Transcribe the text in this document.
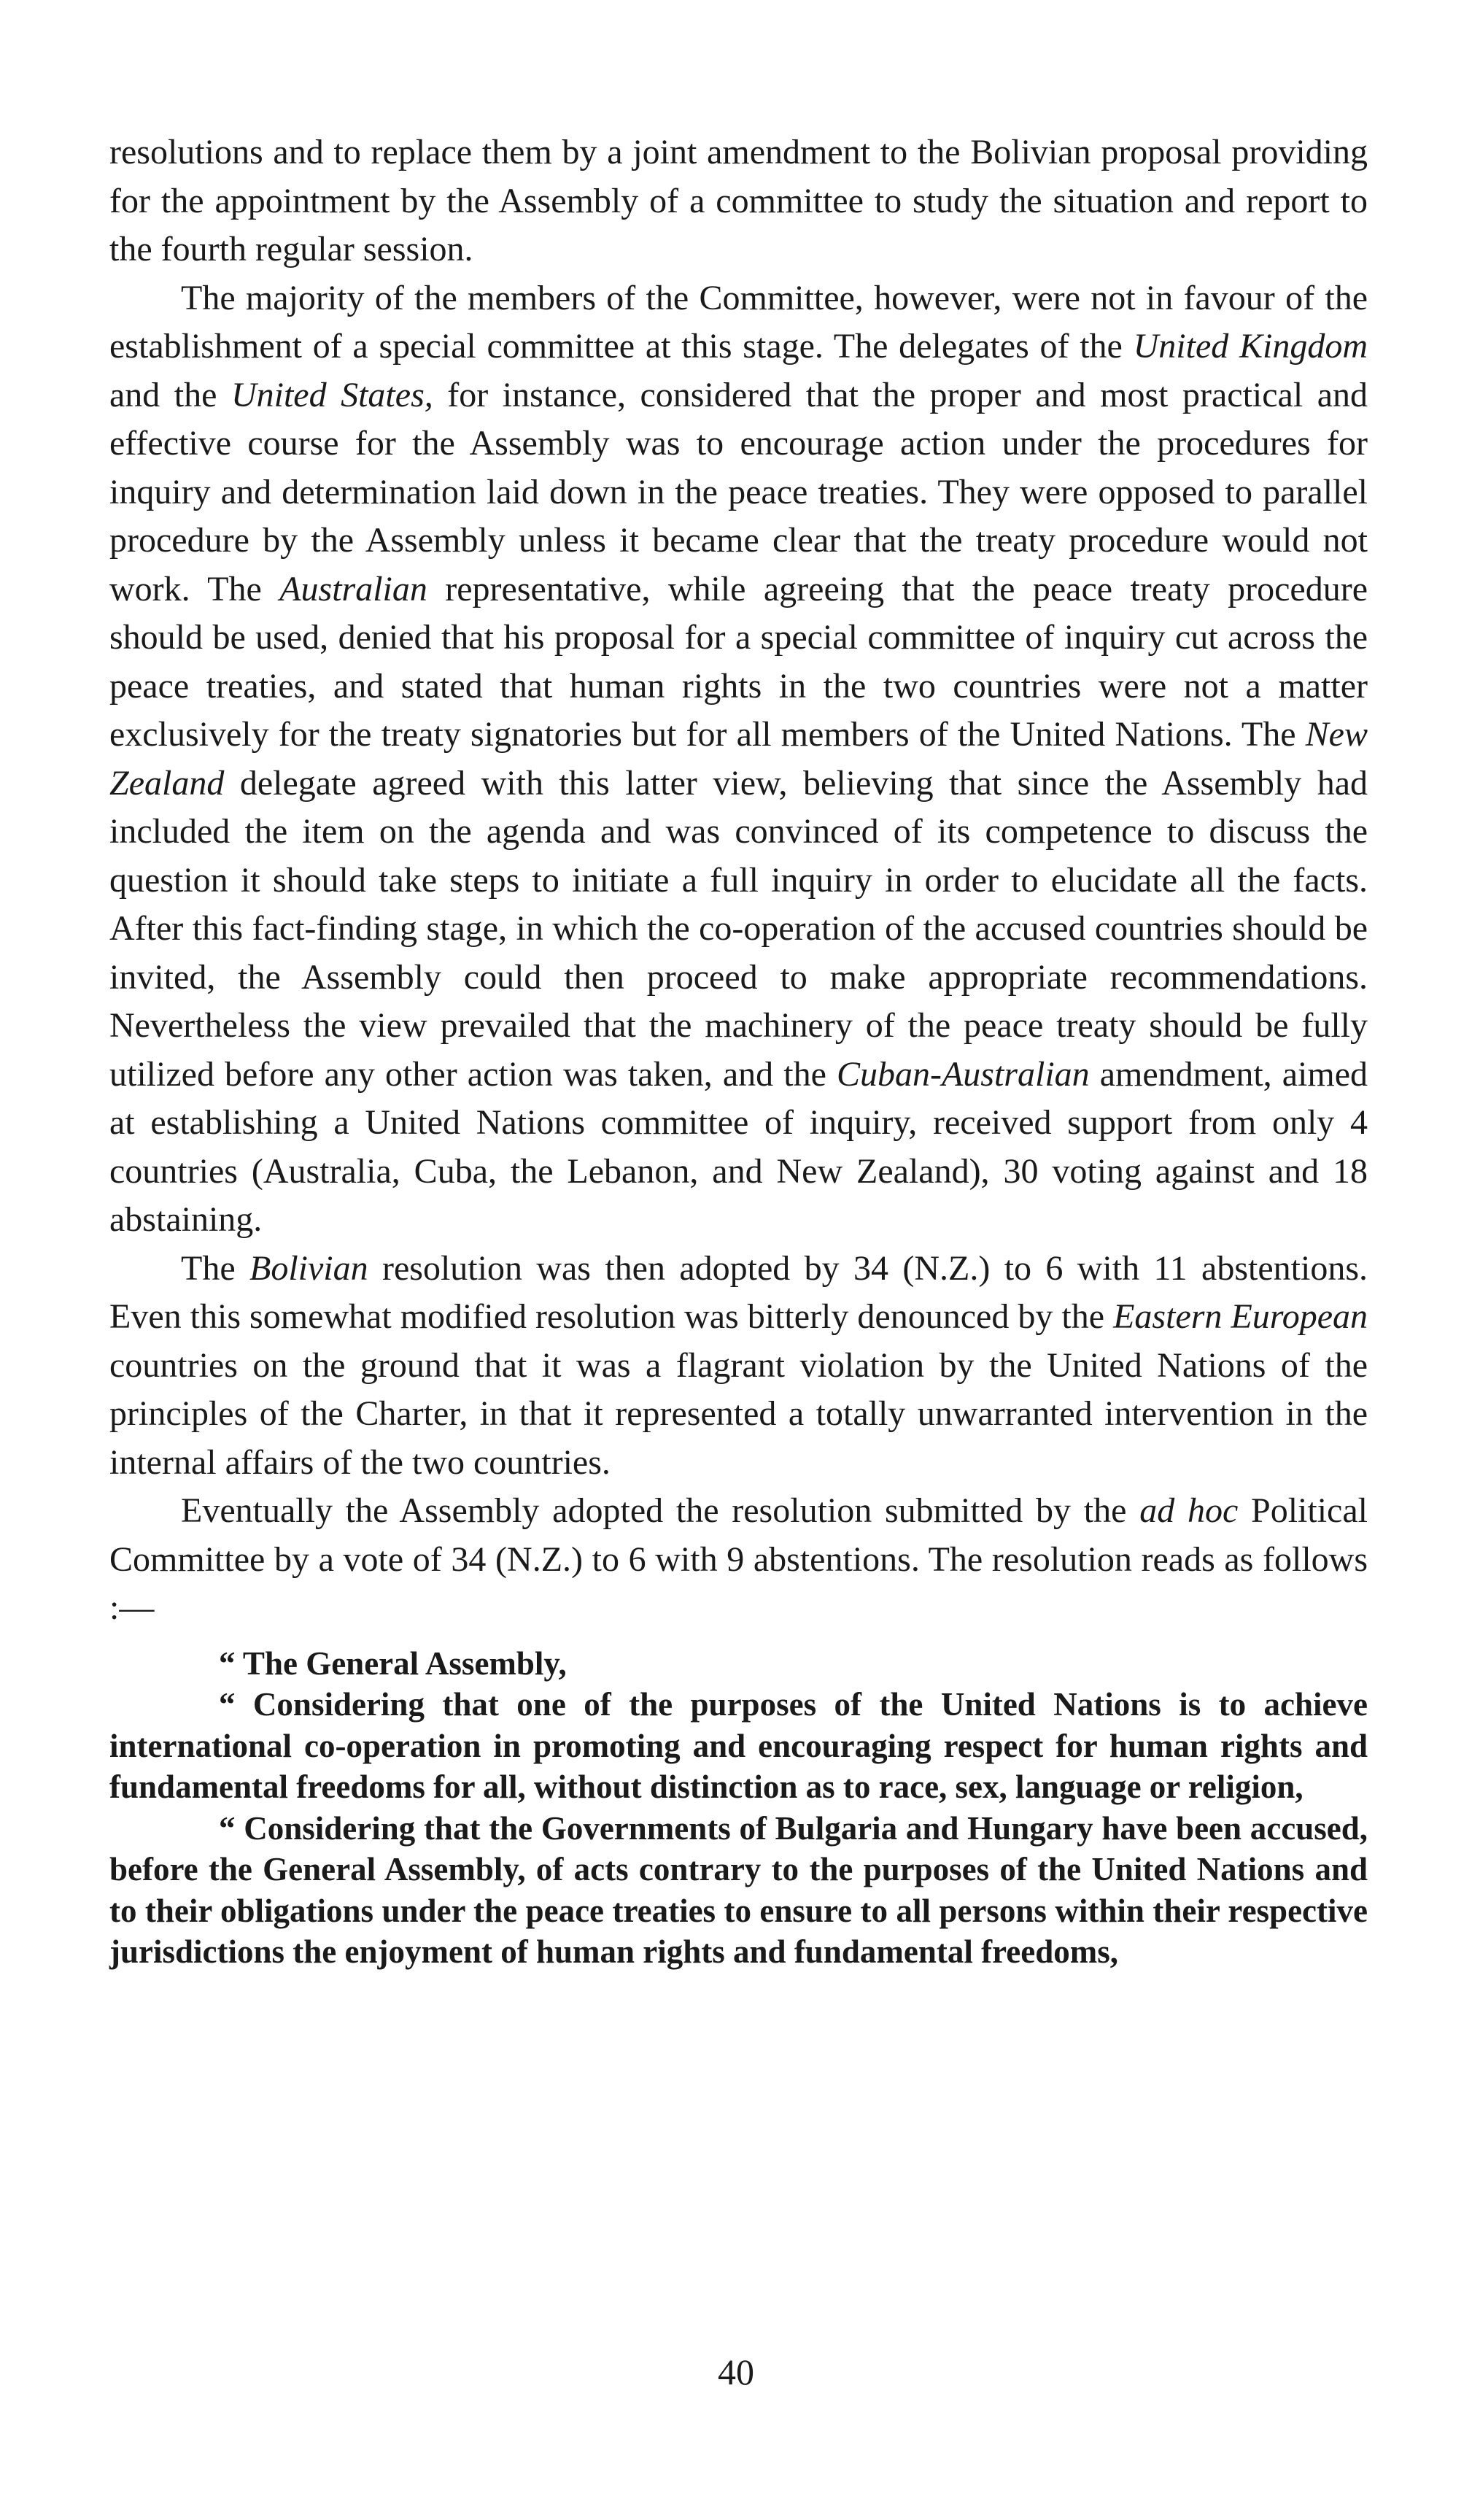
resolutions and to replace them by a joint amendment to the Bolivian proposal providing for the appointment by the Assembly of a committee to study the situation and report to the fourth regular session.

The majority of the members of the Committee, however, were not in favour of the establishment of a special committee at this stage. The delegates of the United Kingdom and the United States, for instance, considered that the proper and most practical and effective course for the Assembly was to encourage action under the procedures for inquiry and determination laid down in the peace treaties. They were opposed to parallel procedure by the Assembly unless it became clear that the treaty procedure would not work. The Australian representative, while agreeing that the peace treaty procedure should be used, denied that his proposal for a special committee of inquiry cut across the peace treaties, and stated that human rights in the two countries were not a matter exclusively for the treaty signatories but for all members of the United Nations. The New Zealand delegate agreed with this latter view, believing that since the Assembly had included the item on the agenda and was convinced of its competence to discuss the question it should take steps to initiate a full inquiry in order to elucidate all the facts. After this fact-finding stage, in which the co-operation of the accused countries should be invited, the Assembly could then proceed to make appropriate recommendations. Nevertheless the view prevailed that the machinery of the peace treaty should be fully utilized before any other action was taken, and the Cuban-Australian amendment, aimed at establishing a United Nations committee of inquiry, received support from only 4 countries (Australia, Cuba, the Lebanon, and New Zealand), 30 voting against and 18 abstaining.

The Bolivian resolution was then adopted by 34 (N.Z.) to 6 with 11 abstentions. Even this somewhat modified resolution was bitterly denounced by the Eastern European countries on the ground that it was a flagrant violation by the United Nations of the principles of the Charter, in that it represented a totally unwarranted intervention in the internal affairs of the two countries.

Eventually the Assembly adopted the resolution submitted by the ad hoc Political Committee by a vote of 34 (N.Z.) to 6 with 9 abstentions. The resolution reads as follows :—

“ The General Assembly,

“ Considering that one of the purposes of the United Nations is to achieve international co-operation in promoting and encouraging respect for human rights and fundamental freedoms for all, without distinction as to race, sex, language or religion,

“ Considering that the Governments of Bulgaria and Hungary have been accused, before the General Assembly, of acts contrary to the purposes of the United Nations and to their obligations under the peace treaties to ensure to all persons within their respective jurisdictions the enjoyment of human rights and fundamental freedoms,

40
